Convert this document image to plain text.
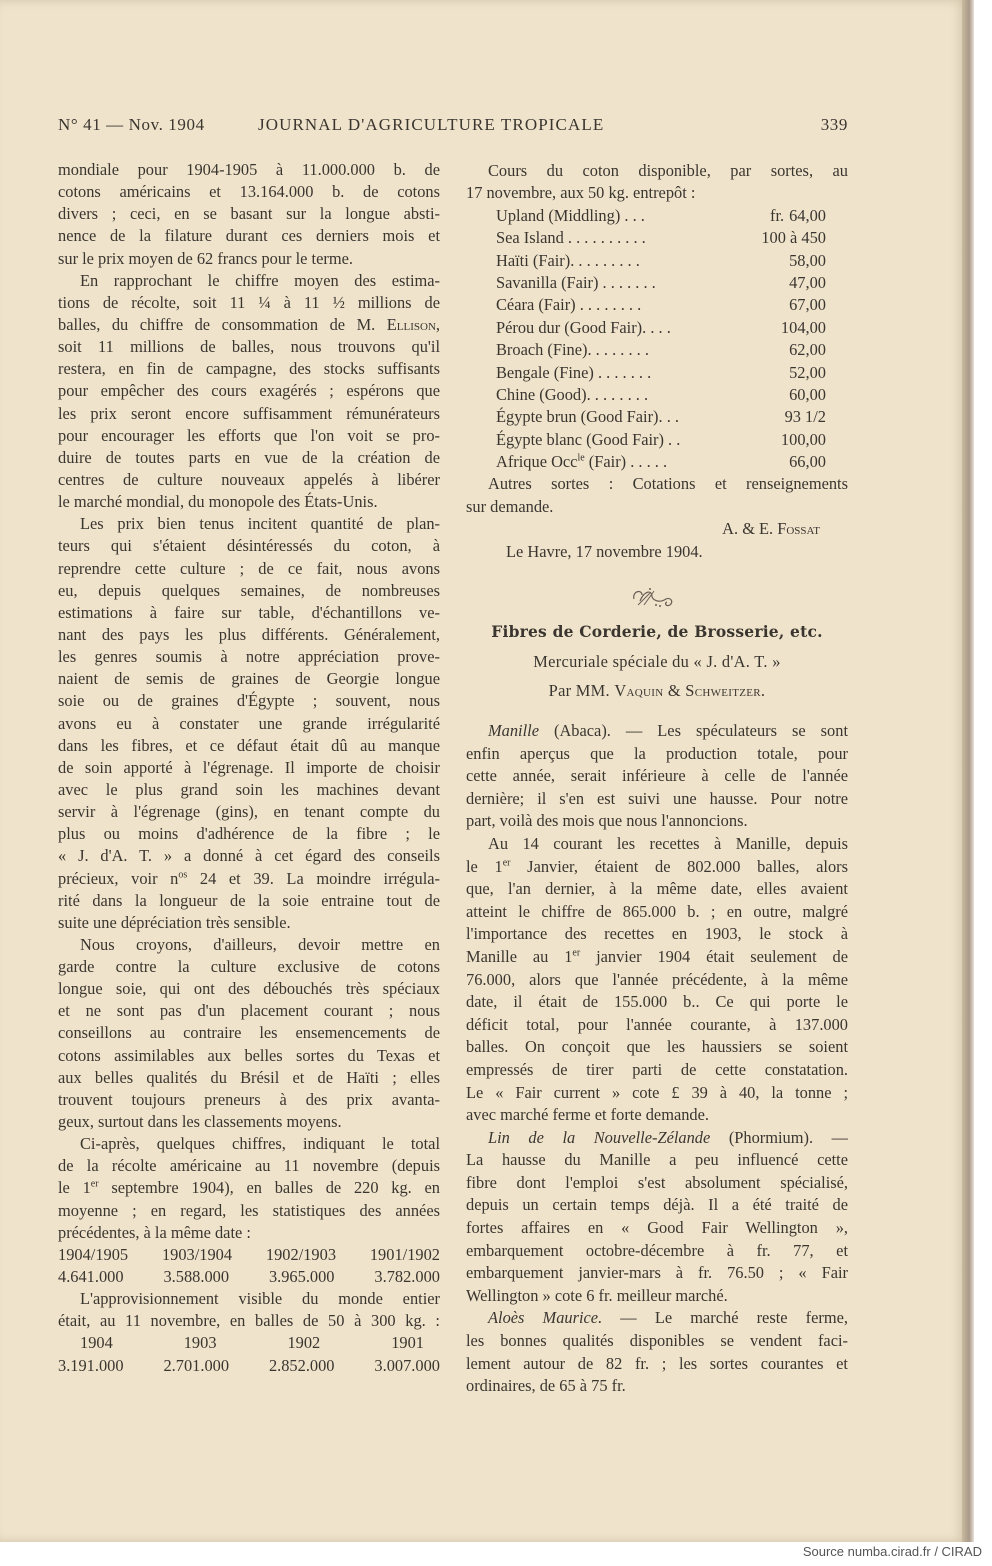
N° 41 — Nov. 1904	JOURNAL D'AGRICULTURE TROPICALE	339
mondiale pour 1904-1905 à 11.000.000 b. de
cotons américains et 13.164.000 b. de cotons
divers ; ceci, en se basant sur la longue absti-
nence de la filature durant ces derniers mois et
sur le prix moyen de 62 francs pour le terme.
En rapprochant le chiffre moyen des estima-
tions de récolte, soit 11 ¼ à 11 ½ millions de
balles, du chiffre de consommation de M. Ellison,
soit 11 millions de balles, nous trouvons qu'il
restera, en fin de campagne, des stocks suffisants
pour empêcher des cours exagérés ; espérons que
les prix seront encore suffisamment rémunérateurs
pour encourager les efforts que l'on voit se pro-
duire de toutes parts en vue de la création de
centres de culture nouveaux appelés à libérer
le marché mondial, du monopole des États-Unis.
Les prix bien tenus incitent quantité de plan-
teurs qui s'étaient désintéressés du coton, à
reprendre cette culture ; de ce fait, nous avons
eu, depuis quelques semaines, de nombreuses
estimations à faire sur table, d'échantillons ve-
nant des pays les plus différents. Généralement,
les genres soumis à notre appréciation prove-
naient de semis de graines de Georgie longue
soie ou de graines d'Égypte ; souvent, nous
avons eu à constater une grande irrégularité
dans les fibres, et ce défaut était dû au manque
de soin apporté à l'égrenage. Il importe de choisir
avec le plus grand soin les machines devant
servir à l'égrenage (gins), en tenant compte du
plus ou moins d'adhérence de la fibre ; le
« J. d'A. T. » a donné à cet égard des conseils
précieux, voir $n^{os}$ 24 et 39. La moindre irrégula-
rité dans la longueur de la soie entraine tout de
suite une dépréciation très sensible.
Nous croyons, d'ailleurs, devoir mettre en
garde contre la culture exclusive de cotons
longue soie, qui ont des débouchés très spéciaux
et ne sont pas d'un placement courant ; nous
conseillons au contraire les ensemencements de
cotons assimilables aux belles sortes du Texas et
aux belles qualités du Brésil et de Haïti ; elles
trouvent toujours preneurs à des prix avanta-
geux, surtout dans les classements moyens.
Ci-après, quelques chiffres, indiquant le total
de la récolte américaine au 11 novembre (depuis
le 1er septembre 1904), en balles de 220 kg. en
moyenne ; en regard, les statistiques des années
précédentes, à la même date :
1904/1905 1903/1904 1902/1903 1901/1902
4.641.000 3.588.000 3.965.000 3.782.000
L'approvisionnement visible du monde entier
était, au 11 novembre, en balles de 50 à 300 kg. :
1904	1903	1902	1901
3.191.000 2.701.000 2.852.000 3.007.000
Cours du coton disponible, par sortes, au
17 novembre, aux 50 kg. entrepôt :
Upland (Middling) . . .	fr. 64,00
Sea Island . . . . . . . . . .	100 à 450
Haïti (Fair). . . . . . . . .	58,00
Savanilla (Fair) . . . . . . .	47,00
Céara (Fair) . . . . . . . .	67,00
Pérou dur (Good Fair). . . .	104,00
Broach (Fine). . . . . . . .	62,00
Bengale (Fine) . . . . . . .	52,00
Chine (Good). . . . . . . .	60,00
Égypte brun (Good Fair). . .	93 1/2
Égypte blanc (Good Fair) . .	100,00
Afrique Occ$^{le}$ (Fair) . . . . .	66,00
Autres sortes : Cotations et renseignements
sur demande.
A. & E. Fossat
Le Havre, 17 novembre 1904.
Fibres de Corderie, de Brosserie, etc.
Mercuriale spéciale du « J. d'A. T. »
Par MM. Vaquin & Schweitzer.
Manille (Abaca). — Les spéculateurs se sont
enfin aperçus que la production totale, pour
cette année, serait inférieure à celle de l'année
dernière; il s'en est suivi une hausse. Pour notre
part, voilà des mois que nous l'annoncions.
Au 14 courant les recettes à Manille, depuis
le 1er Janvier, étaient de 802.000 balles, alors
que, l'an dernier, à la même date, elles avaient
atteint le chiffre de 865.000 b. ; en outre, malgré
l'importance des recettes en 1903, le stock à
Manille au 1er janvier 1904 était seulement de
76.000, alors que l'année précédente, à la même
date, il était de 155.000 b.. Ce qui porte le
déficit total, pour l'année courante, à 137.000
balles. On conçoit que les haussiers se soient
empressés de tirer parti de cette constatation.
Le « Fair current » cote £ 39 à 40, la tonne ;
avec marché ferme et forte demande.
Lin de la Nouvelle-Zélande (Phormium). —
La hausse du Manille a peu influencé cette
fibre dont l'emploi s'est absolument spécialisé,
depuis un certain temps déjà. Il a été traité de
fortes affaires en « Good Fair Wellington »,
embarquement octobre-décembre à fr. 77, et
embarquement janvier-mars à fr. 76.50 ; « Fair
Wellington » cote 6 fr. meilleur marché.
Aloès Maurice. — Le marché reste ferme,
les bonnes qualités disponibles se vendent faci-
lement autour de 82 fr. ; les sortes courantes et
ordinaires, de 65 à 75 fr.
Source numba.cirad.fr / CIRAD
